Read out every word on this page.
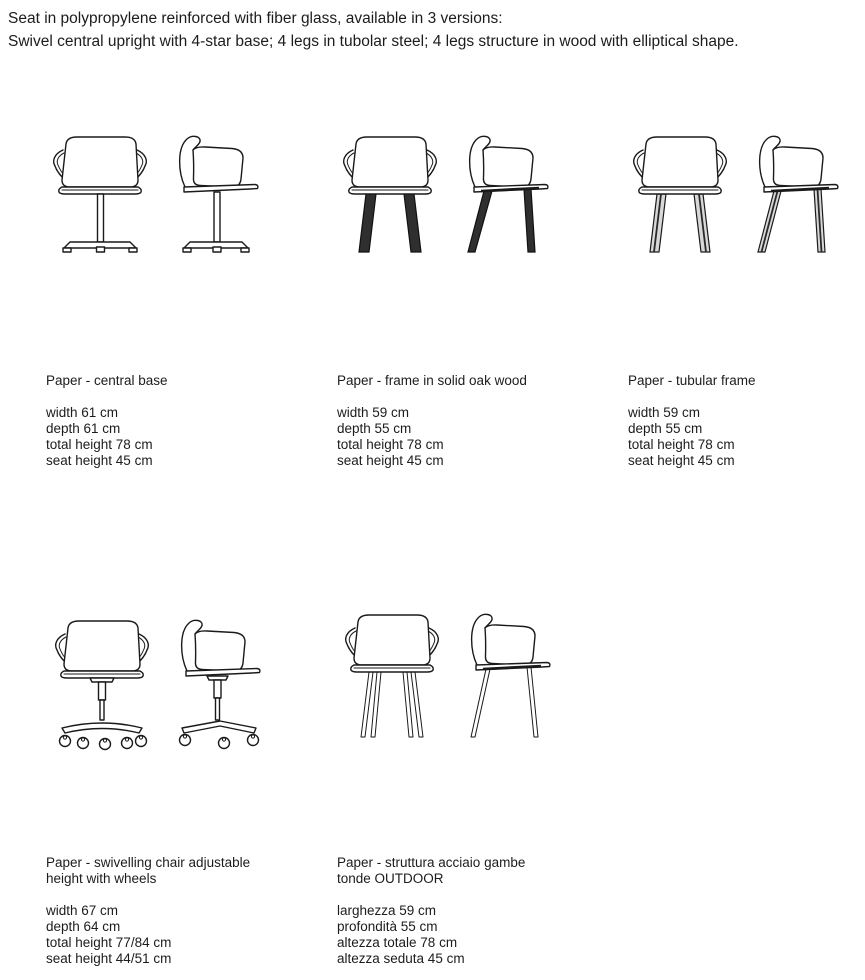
Seat in polypropylene reinforced with fiber glass, available in 3 versions:
Swivel central upright with 4-star base; 4 legs in tubolar steel; 4 legs structure in wood with elliptical shape.
Paper - central base
width 61 cm
depth 61 cm
total height 78 cm
seat height 45 cm
Paper - frame in solid oak wood
width 59 cm
depth 55 cm
total height 78 cm
seat height 45 cm
Paper - tubular frame
width 59 cm
depth 55 cm
total height 78 cm
seat height 45 cm
Paper - swivelling chair adjustable
height with wheels
width 67 cm
depth 64 cm
total height 77/84 cm
seat height 44/51 cm
Paper - struttura acciaio gambe
tonde OUTDOOR
larghezza 59 cm
profondità 55 cm
altezza totale 78 cm
altezza seduta 45 cm
